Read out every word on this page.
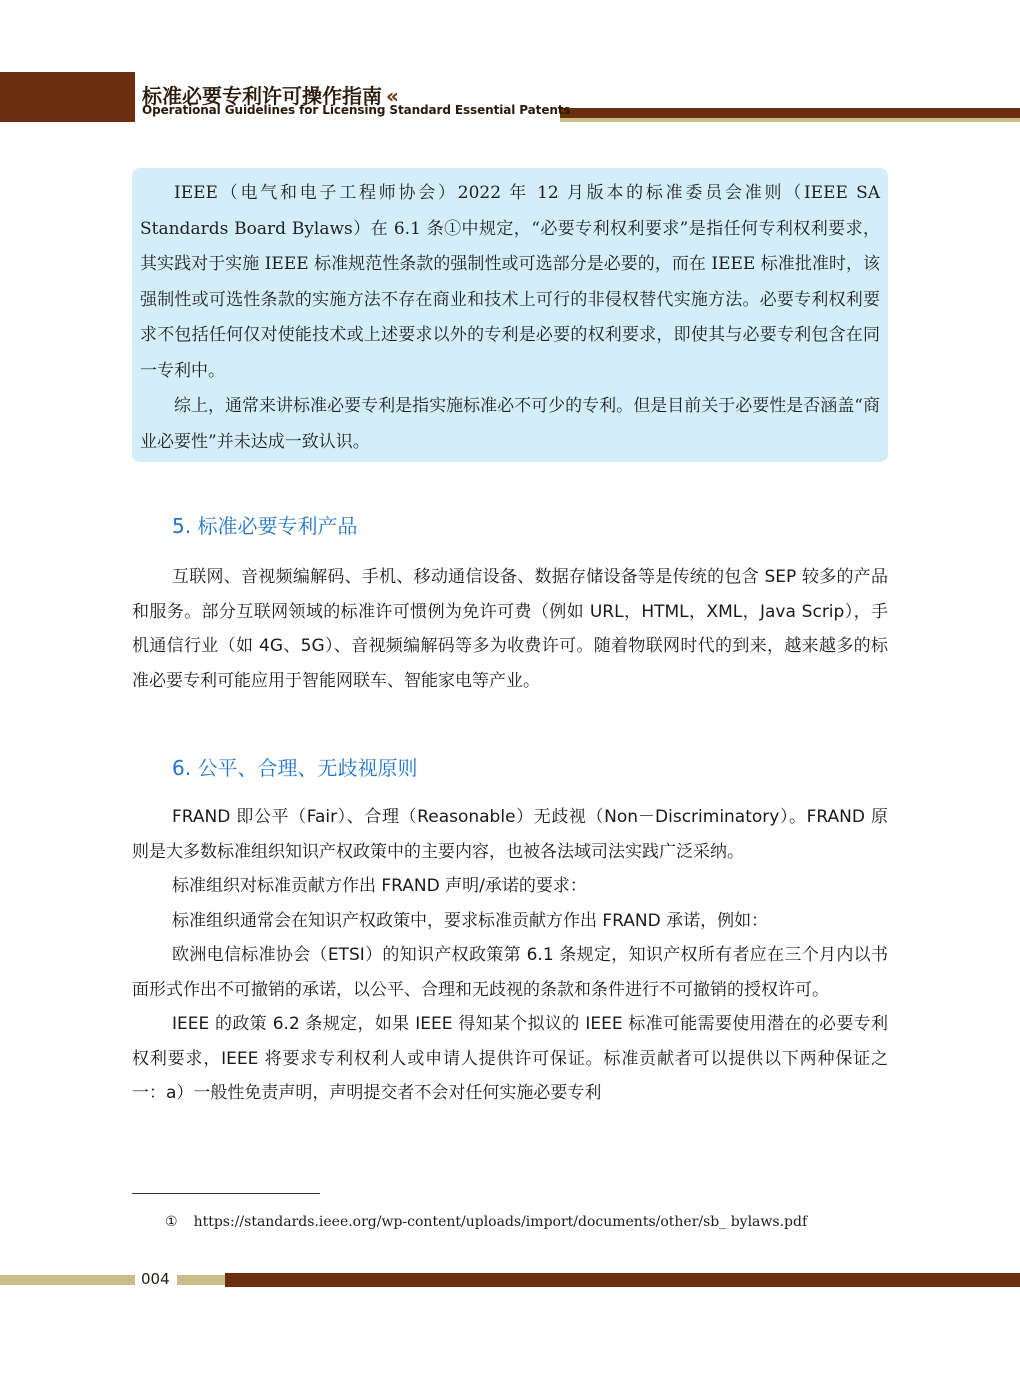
标准必要专利许可操作指南 «
Operational Guidelines for Licensing Standard Essential Patents

IEEE（电气和电子工程师协会）2022 年 12 月版本的标准委员会准则（IEEE SA Standards Board Bylaws）在 6.1 条①中规定，“必要专利权利要求”是指任何专利权利要求，其实践对于实施 IEEE 标准规范性条款的强制性或可选部分是必要的，而在 IEEE 标准批准时，该强制性或可选性条款的实施方法不存在商业和技术上可行的非侵权替代实施方法。必要专利权利要求不包括任何仅对使能技术或上述要求以外的专利是必要的权利要求，即使其与必要专利包含在同一专利中。

综上，通常来讲标准必要专利是指实施标准必不可少的专利。但是目前关于必要性是否涵盖“商业必要性”并未达成一致认识。

5. 标准必要专利产品

互联网、音视频编解码、手机、移动通信设备、数据存储设备等是传统的包含 SEP 较多的产品和服务。部分互联网领域的标准许可惯例为免许可费（例如 URL，HTML，XML，Java Scrip），手机通信行业（如 4G、5G）、音视频编解码等多为收费许可。随着物联网时代的到来，越来越多的标准必要专利可能应用于智能网联车、智能家电等产业。

6. 公平、合理、无歧视原则

FRAND 即公平（Fair）、合理（Reasonable）无歧视（Non－Discriminatory）。FRAND 原则是大多数标准组织知识产权政策中的主要内容，也被各法域司法实践广泛采纳。

标准组织对标准贡献方作出 FRAND 声明/承诺的要求：

标准组织通常会在知识产权政策中，要求标准贡献方作出 FRAND 承诺，例如：

欧洲电信标准协会（ETSI）的知识产权政策第 6.1 条规定，知识产权所有者应在三个月内以书面形式作出不可撤销的承诺，以公平、合理和无歧视的条款和条件进行不可撤销的授权许可。

IEEE 的政策 6.2 条规定，如果 IEEE 得知某个拟议的 IEEE 标准可能需要使用潜在的必要专利权利要求，IEEE 将要求专利权利人或申请人提供许可保证。标准贡献者可以提供以下两种保证之一：a）一般性免责声明，声明提交者不会对任何实施必要专利

① https://standards.ieee.org/wp-content/uploads/import/documents/other/sb_ bylaws.pdf
004
